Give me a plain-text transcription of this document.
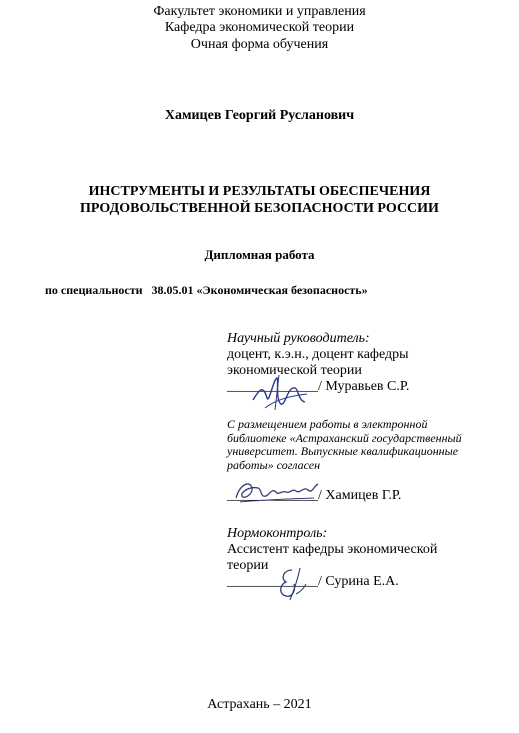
Факультет экономики и управления
Кафедра экономической теории
Очная форма обучения
Хамицев Георгий Русланович
ИНСТРУМЕНТЫ И РЕЗУЛЬТАТЫ ОБЕСПЕЧЕНИЯ
ПРОДОВОЛЬСТВЕННОЙ БЕЗОПАСНОСТИ РОССИИ
Дипломная работа
по специальности 38.05.01 «Экономическая безопасность»
Научный руководитель:
доцент, к.э.н., доцент кафедры
экономической теории
_____________/ Муравьев С.Р.
С размещением работы в электронной
библиотеке «Астраханский государственный
университет. Выпускные квалификационные
работы» согласен
_____________/ Хамицев Г.Р.
Нормоконтроль:
Ассистент кафедры экономической
теории
_____________/ Сурина Е.А.
Астрахань – 2021
